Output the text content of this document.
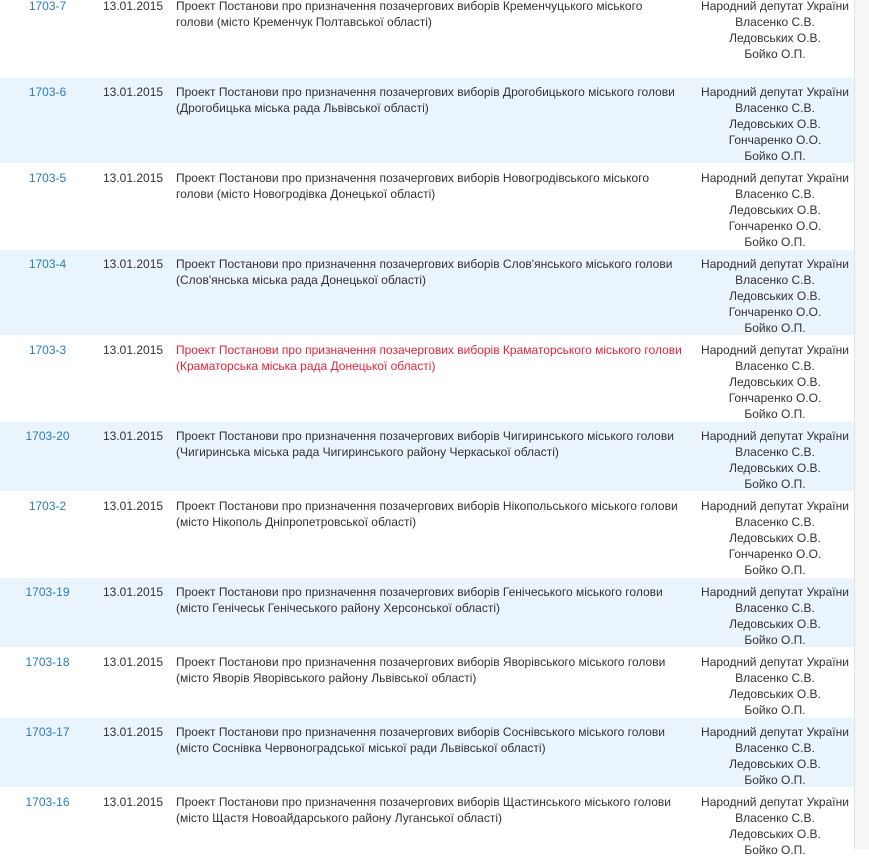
1703-7	13.01.2015	Проект Постанови про призначення позачергових виборів Кременчуцького міського голови (місто Кременчук Полтавської області)
Народний депутат України
Власенко С.В.
Ледовських О.В.
Бойко О.П.
1703-6	13.01.2015	Проект Постанови про призначення позачергових виборів Дрогобицького міського голови (Дрогобицька міська рада Львівської області)
Народний депутат України
Власенко С.В.
Ледовських О.В.
Гончаренко О.О.
Бойко О.П.
1703-5	13.01.2015	Проект Постанови про призначення позачергових виборів Новогродівського міського голови (місто Новогродівка Донецької області)
Народний депутат України
Власенко С.В.
Ледовських О.В.
Гончаренко О.О.
Бойко О.П.
1703-4	13.01.2015	Проект Постанови про призначення позачергових виборів Слов'янського міського голови (Слов'янська міська рада Донецької області)
Народний депутат України
Власенко С.В.
Ледовських О.В.
Гончаренко О.О.
Бойко О.П.
1703-3	13.01.2015	Проект Постанови про призначення позачергових виборів Краматорського міського голови (Краматорська міська рада Донецької області)
Народний депутат України
Власенко С.В.
Ледовських О.В.
Гончаренко О.О.
Бойко О.П.
1703-20	13.01.2015	Проект Постанови про призначення позачергових виборів Чигиринського міського голови (Чигиринська міська рада Чигиринського району Черкаської області)
Народний депутат України
Власенко С.В.
Ледовських О.В.
Бойко О.П.
1703-2	13.01.2015	Проект Постанови про призначення позачергових виборів Нікопольського міського голови (місто Нікополь Дніпропетровської області)
Народний депутат України
Власенко С.В.
Ледовських О.В.
Гончаренко О.О.
Бойко О.П.
1703-19	13.01.2015	Проект Постанови про призначення позачергових виборів Генічеського міського голови (місто Генічеськ Генічеського району Херсонської області)
Народний депутат України
Власенко С.В.
Ледовських О.В.
Бойко О.П.
1703-18	13.01.2015	Проект Постанови про призначення позачергових виборів Яворівського міського голови (місто Яворів Яворівського району Львівської області)
Народний депутат України
Власенко С.В.
Ледовських О.В.
Бойко О.П.
1703-17	13.01.2015	Проект Постанови про призначення позачергових виборів Соснівського міського голови (місто Соснівка Червоноградської міської ради Львівської області)
Народний депутат України
Власенко С.В.
Ледовських О.В.
Бойко О.П.
1703-16	13.01.2015	Проект Постанови про призначення позачергових виборів Щастинського міського голови (місто Щастя Новоайдарського району Луганської області)
Народний депутат України
Власенко С.В.
Ледовських О.В.
Бойко О.П.
